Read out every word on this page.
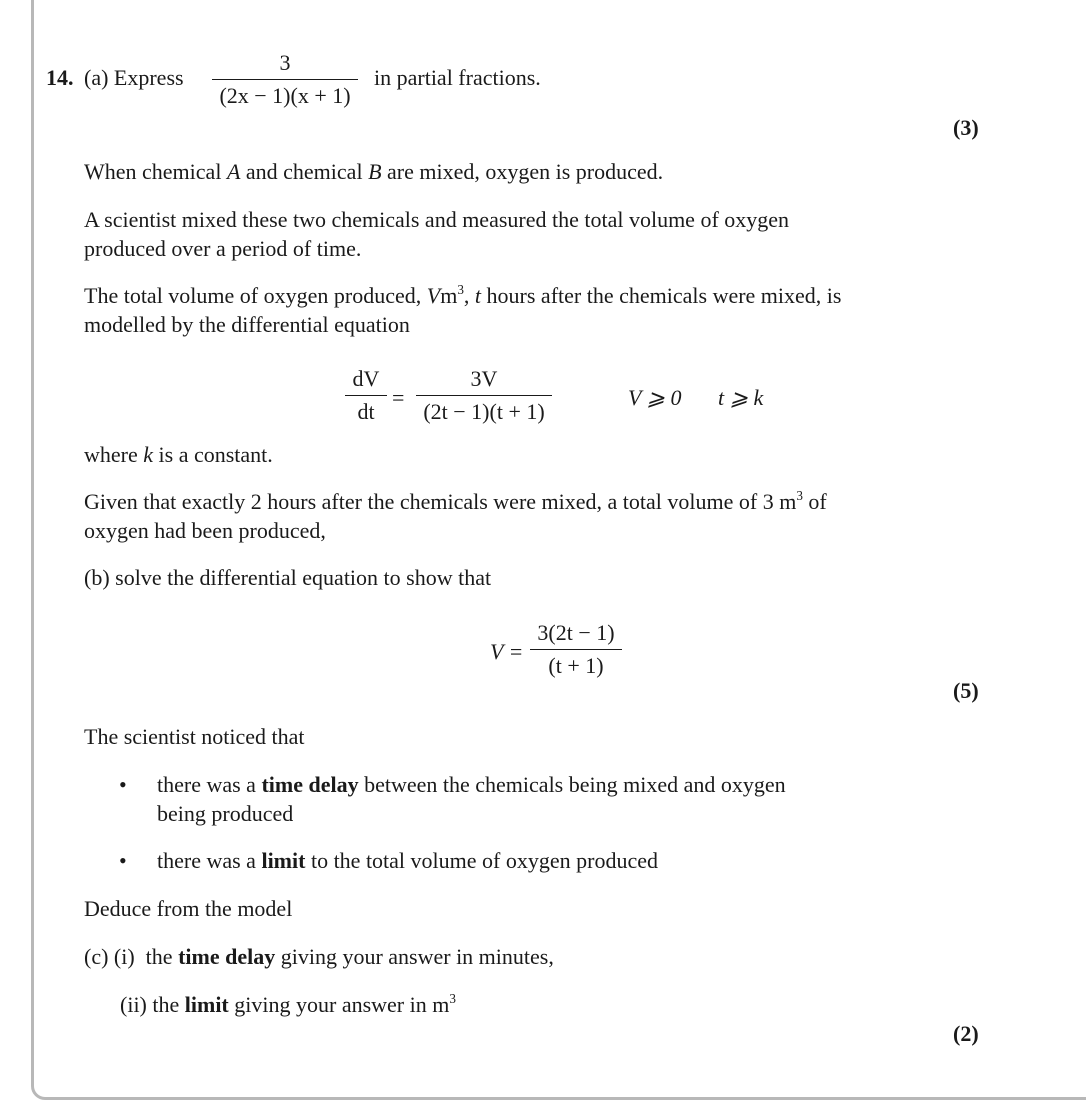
14. (a) Express
3
(2x − 1)(x + 1)
in partial fractions.
(3)
When chemical A and chemical B are mixed, oxygen is produced.
A scientist mixed these two chemicals and measured the total volume of oxygen
produced over a period of time.
The total volume of oxygen produced, Vm$^3$, t hours after the chemicals were mixed, is
modelled by the differential equation
dV
dt
=
3V
(2t − 1)(t + 1)
V ⩾ 0 t ⩾ k
where k is a constant.
Given that exactly 2 hours after the chemicals were mixed, a total volume of 3 $m^3$ of
oxygen had been produced,
(b) solve the differential equation to show that
V =
3(2t − 1)
(t + 1)
(5)
The scientist noticed that
• there was a time delay between the chemicals being mixed and oxygen
being produced
• there was a limit to the total volume of oxygen produced
Deduce from the model
(c) (i)  the time delay giving your answer in minutes,
(ii) the limit giving your answer in $m^3$
(2)
